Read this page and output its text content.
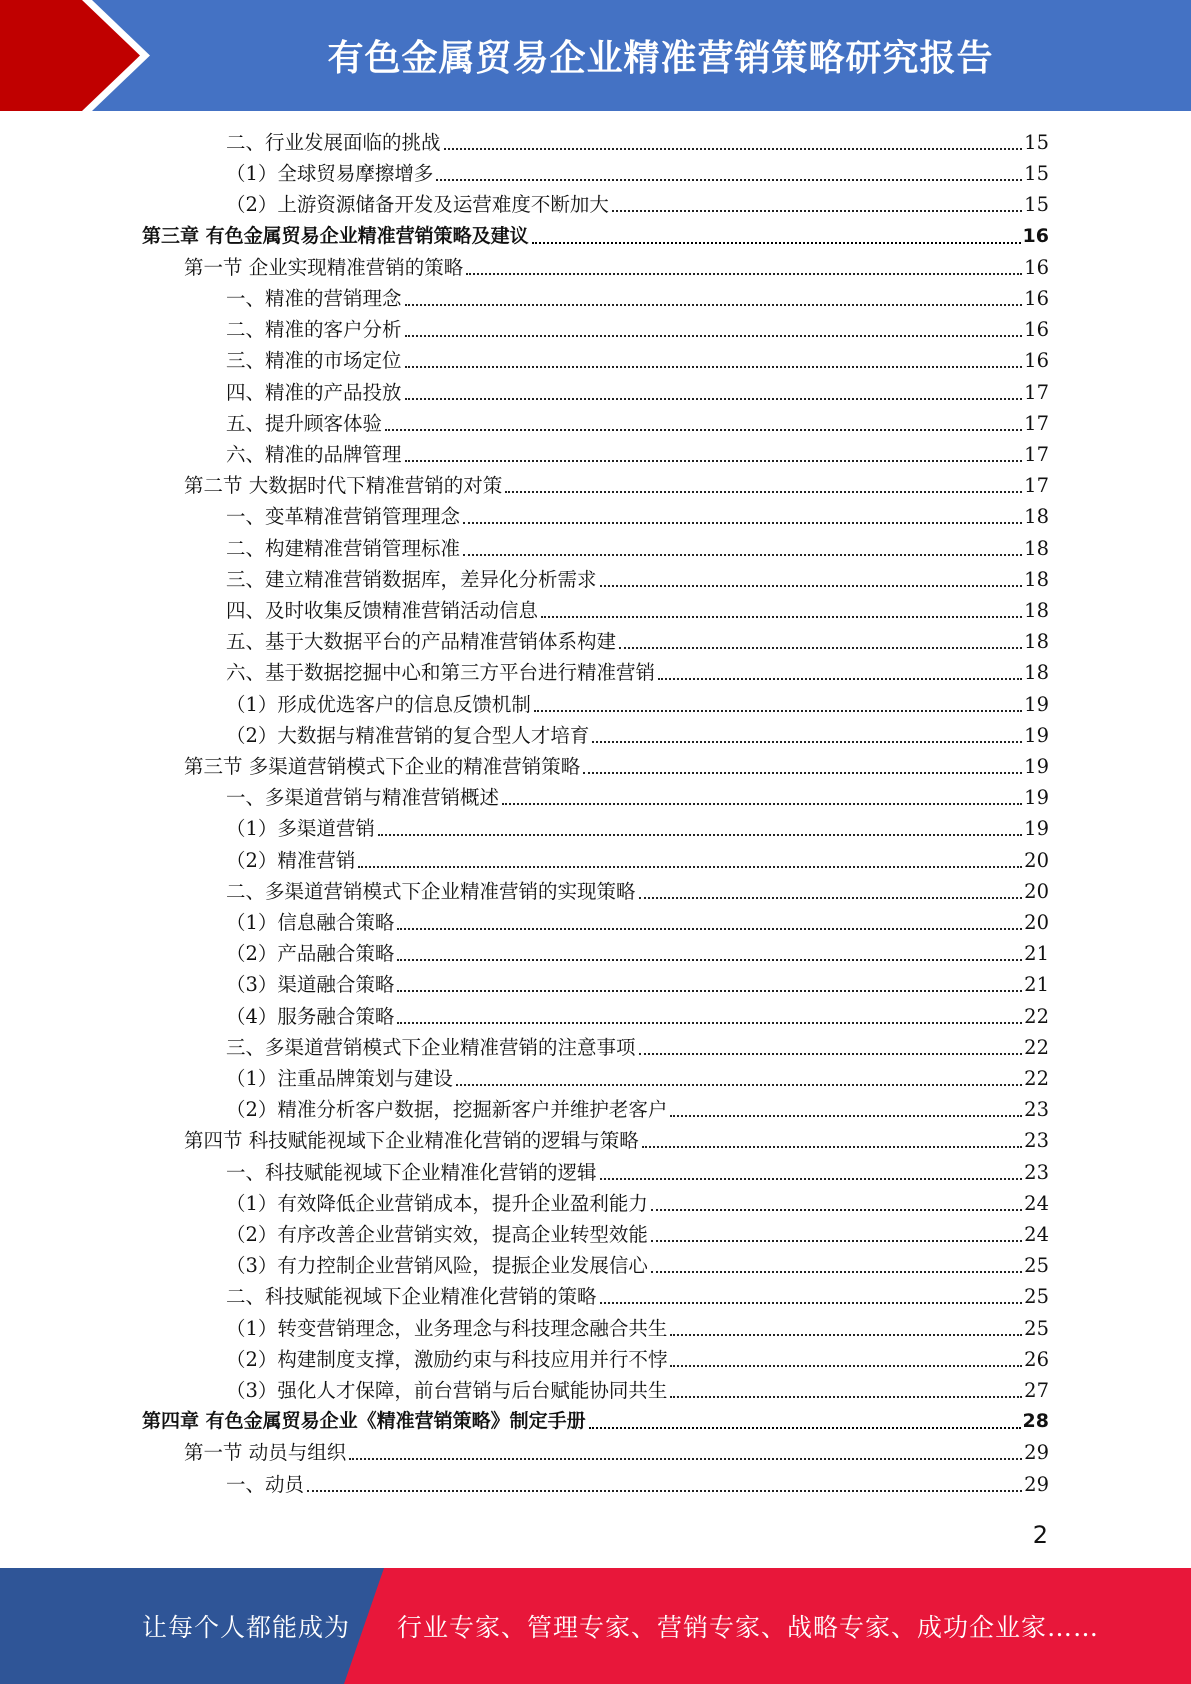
有色金属贸易企业精准营销策略研究报告
二、行业发展面临的挑战	15
（1）全球贸易摩擦增多	15
（2）上游资源储备开发及运营难度不断加大	15
第三章 有色金属贸易企业精准营销策略及建议	16
第一节 企业实现精准营销的策略	16
一、精准的营销理念	16
二、精准的客户分析	16
三、精准的市场定位	16
四、精准的产品投放	17
五、提升顾客体验	17
六、精准的品牌管理	17
第二节 大数据时代下精准营销的对策	17
一、变革精准营销管理理念	18
二、构建精准营销管理标准	18
三、建立精准营销数据库，差异化分析需求	18
四、及时收集反馈精准营销活动信息	18
五、基于大数据平台的产品精准营销体系构建	18
六、基于数据挖掘中心和第三方平台进行精准营销	18
（1）形成优选客户的信息反馈机制	19
（2）大数据与精准营销的复合型人才培育	19
第三节 多渠道营销模式下企业的精准营销策略	19
一、多渠道营销与精准营销概述	19
（1）多渠道营销	19
（2）精准营销	20
二、多渠道营销模式下企业精准营销的实现策略	20
（1）信息融合策略	20
（2）产品融合策略	21
（3）渠道融合策略	21
（4）服务融合策略	22
三、多渠道营销模式下企业精准营销的注意事项	22
（1）注重品牌策划与建设	22
（2）精准分析客户数据，挖掘新客户并维护老客户	23
第四节 科技赋能视域下企业精准化营销的逻辑与策略	23
一、科技赋能视域下企业精准化营销的逻辑	23
（1）有效降低企业营销成本，提升企业盈利能力	24
（2）有序改善企业营销实效，提高企业转型效能	24
（3）有力控制企业营销风险，提振企业发展信心	25
二、科技赋能视域下企业精准化营销的策略	25
（1）转变营销理念，业务理念与科技理念融合共生	25
（2）构建制度支撑，激励约束与科技应用并行不悖	26
（3）强化人才保障，前台营销与后台赋能协同共生	27
第四章 有色金属贸易企业《精准营销策略》制定手册	28
第一节 动员与组织	29
一、动员	29
2
让每个人都能成为 行业专家、管理专家、营销专家、战略专家、成功企业家……
